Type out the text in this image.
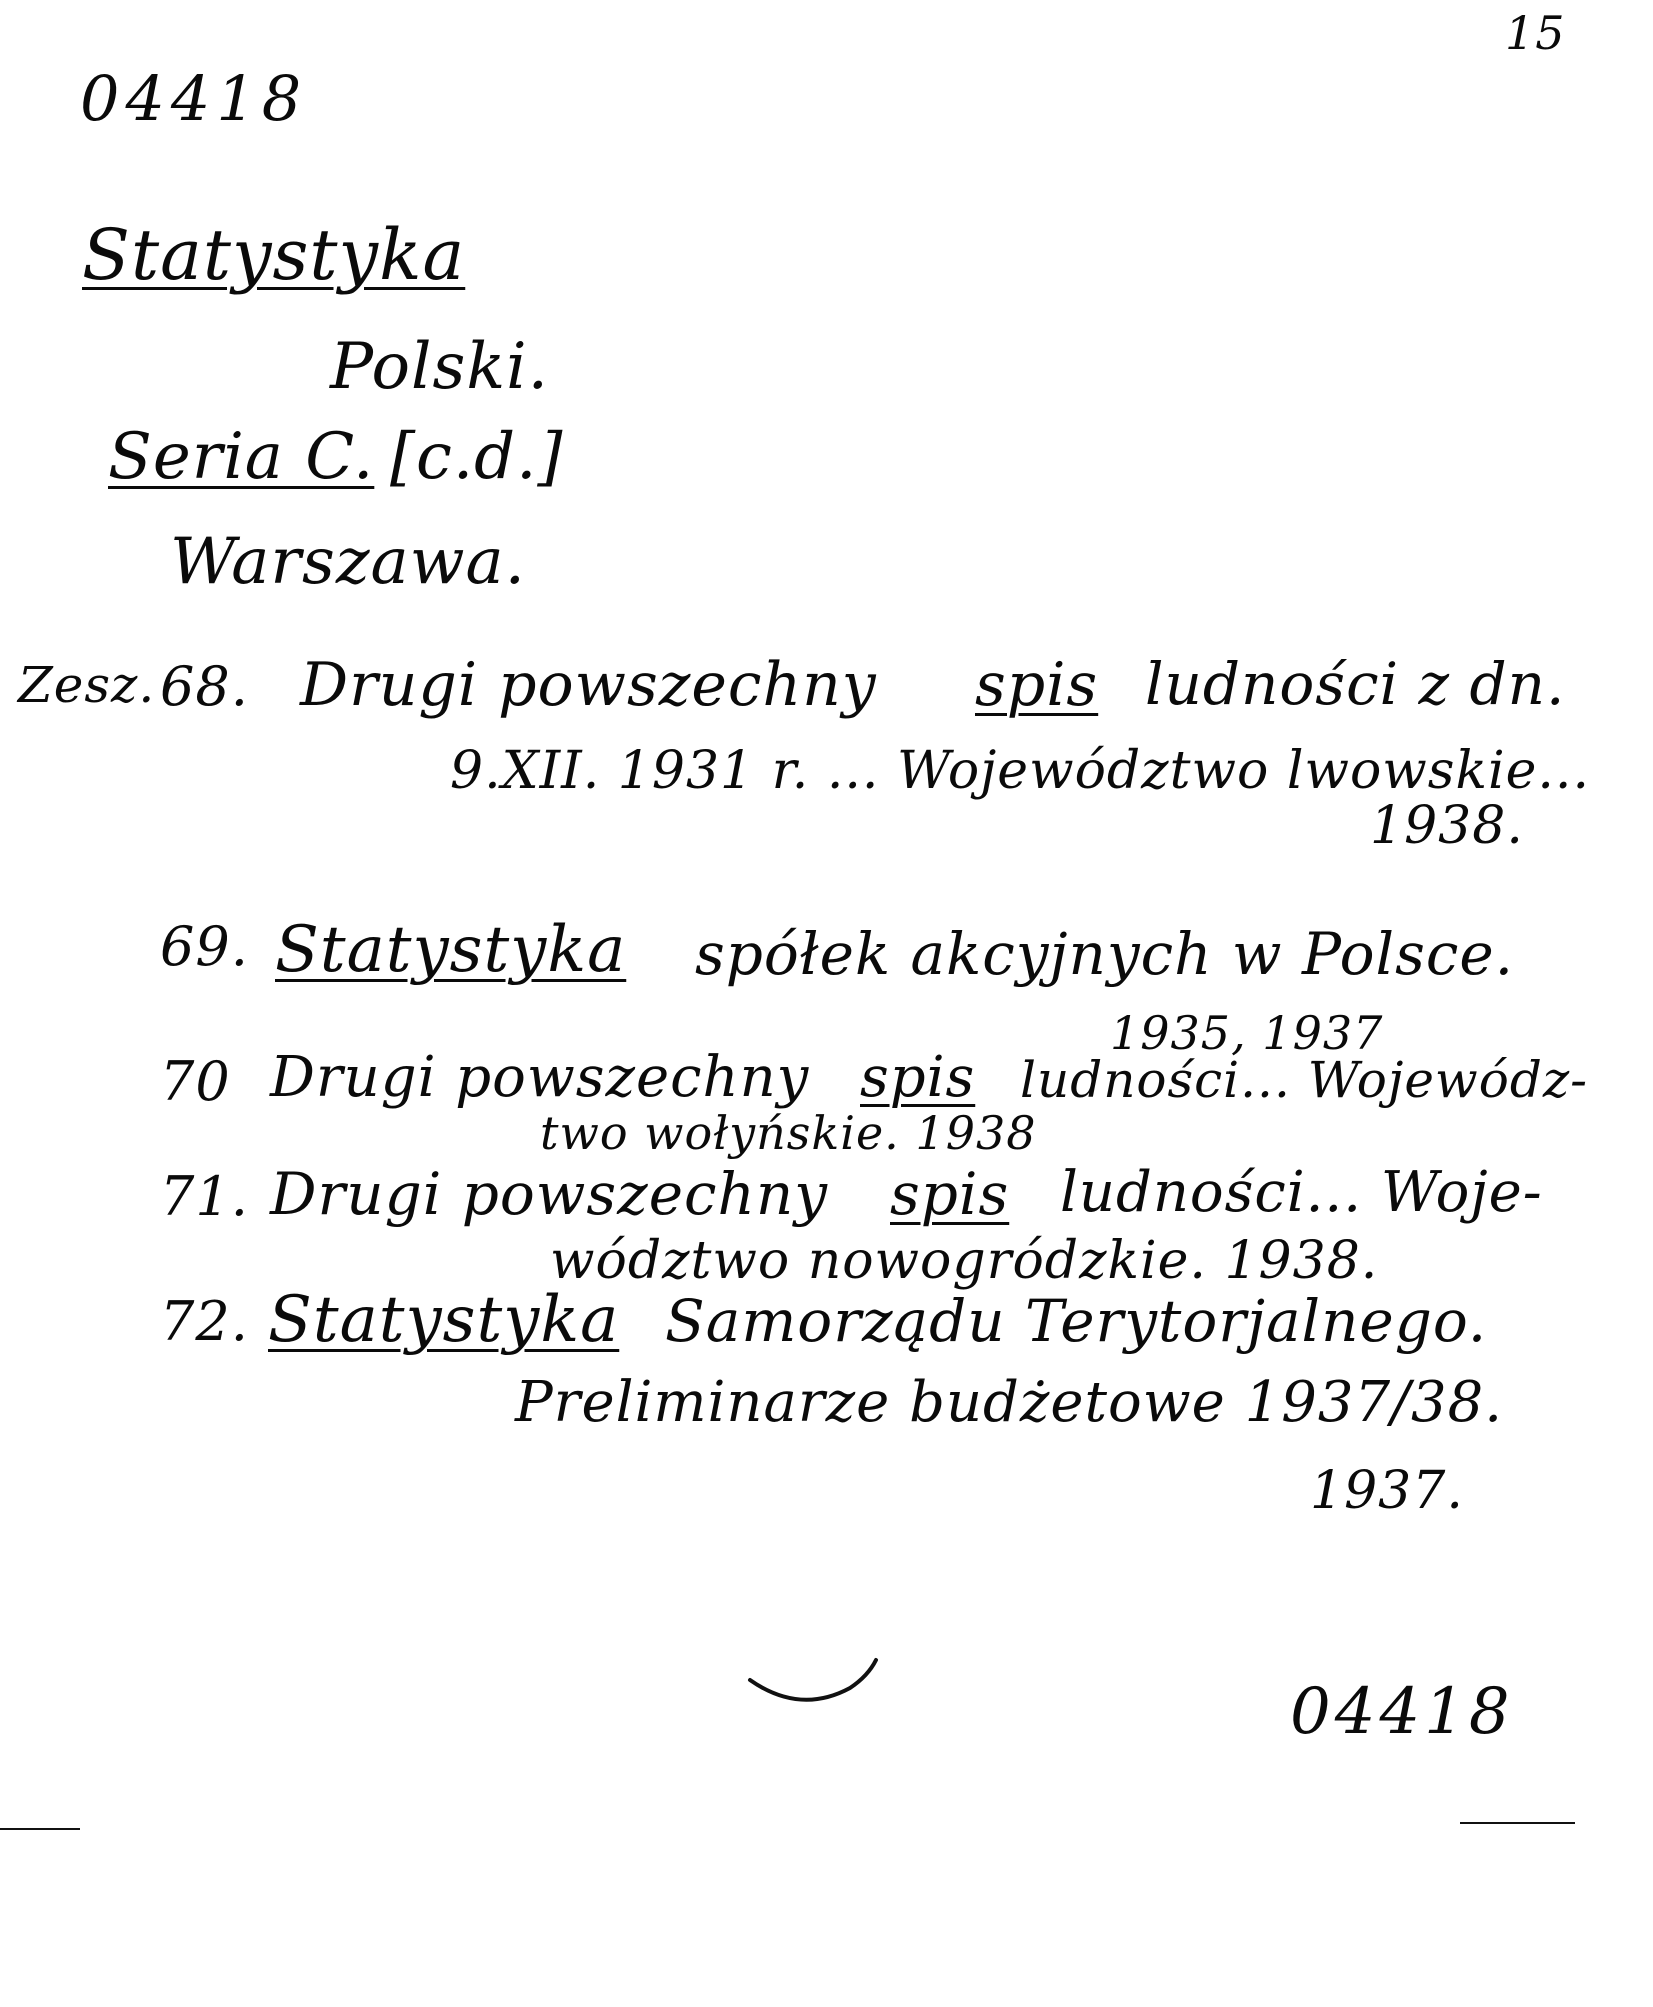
15
04418
Statystyka
Polski.
Seria C. [c.d.]
Warszawa.
Zesz. 68. Drugi powszechny spis ludności z dn.
9.XII. 1931 r. ... Województwo lwowskie...
1938.
69. Statystyka spółek akcyjnych w Polsce.
1935, 1937
70 Drugi powszechny spis ludności... Wojewódz-
two wołyńskie. 1938
71. Drugi powszechny spis ludności... Woje-
wództwo nowogródzkie. 1938.
72. Statystyka Samorządu Terytorjalnego.
Preliminarze budżetowe 1937/38.
1937.
04418
